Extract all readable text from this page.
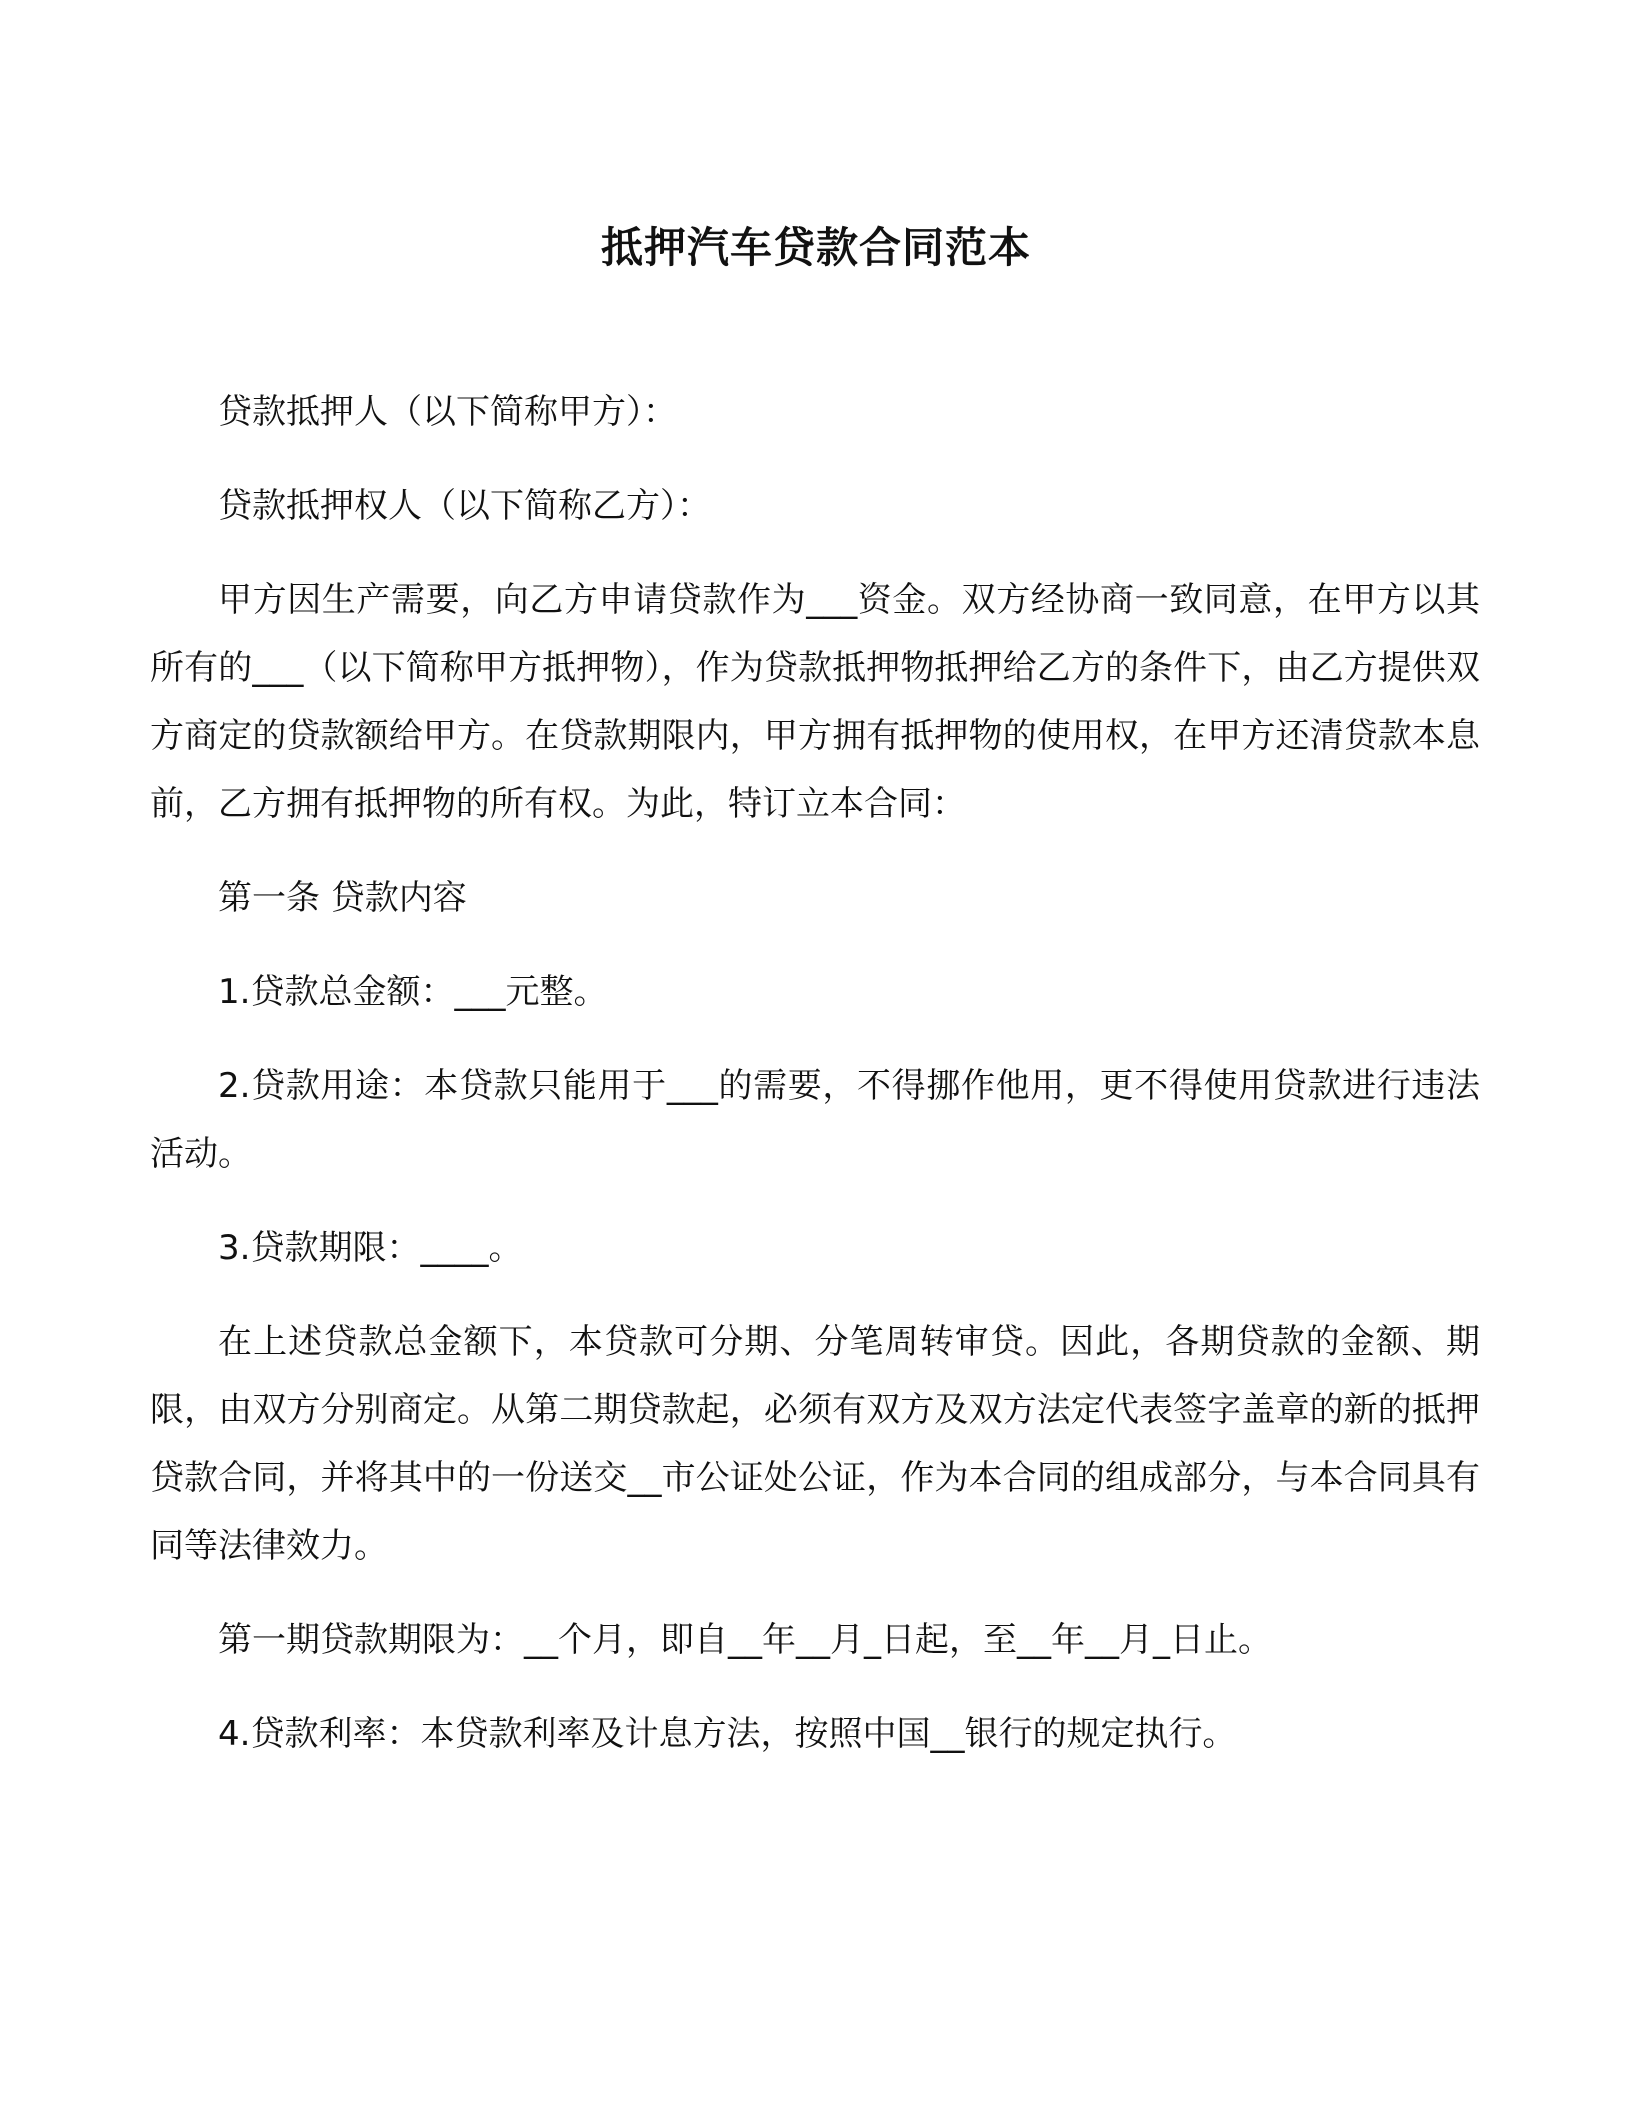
抵押汽车贷款合同范本

贷款抵押人（以下简称甲方）：

贷款抵押权人（以下简称乙方）：

甲方因生产需要，向乙方申请贷款作为___资金。双方经协商一致同意，在甲方以其所有的___（以下简称甲方抵押物），作为贷款抵押物抵押给乙方的条件下，由乙方提供双方商定的贷款额给甲方。在贷款期限内，甲方拥有抵押物的使用权，在甲方还清贷款本息前，乙方拥有抵押物的所有权。为此，特订立本合同：

第一条 贷款内容

1.贷款总金额：___元整。

2.贷款用途：本贷款只能用于___的需要，不得挪作他用，更不得使用贷款进行违法活动。

3.贷款期限：____。

在上述贷款总金额下，本贷款可分期、分笔周转审贷。因此，各期贷款的金额、期限，由双方分别商定。从第二期贷款起，必须有双方及双方法定代表签字盖章的新的抵押贷款合同，并将其中的一份送交__市公证处公证，作为本合同的组成部分，与本合同具有同等法律效力。

第一期贷款期限为：__个月，即自__年__月_日起，至__年__月_日止。

4.贷款利率：本贷款利率及计息方法，按照中国__银行的规定执行。
